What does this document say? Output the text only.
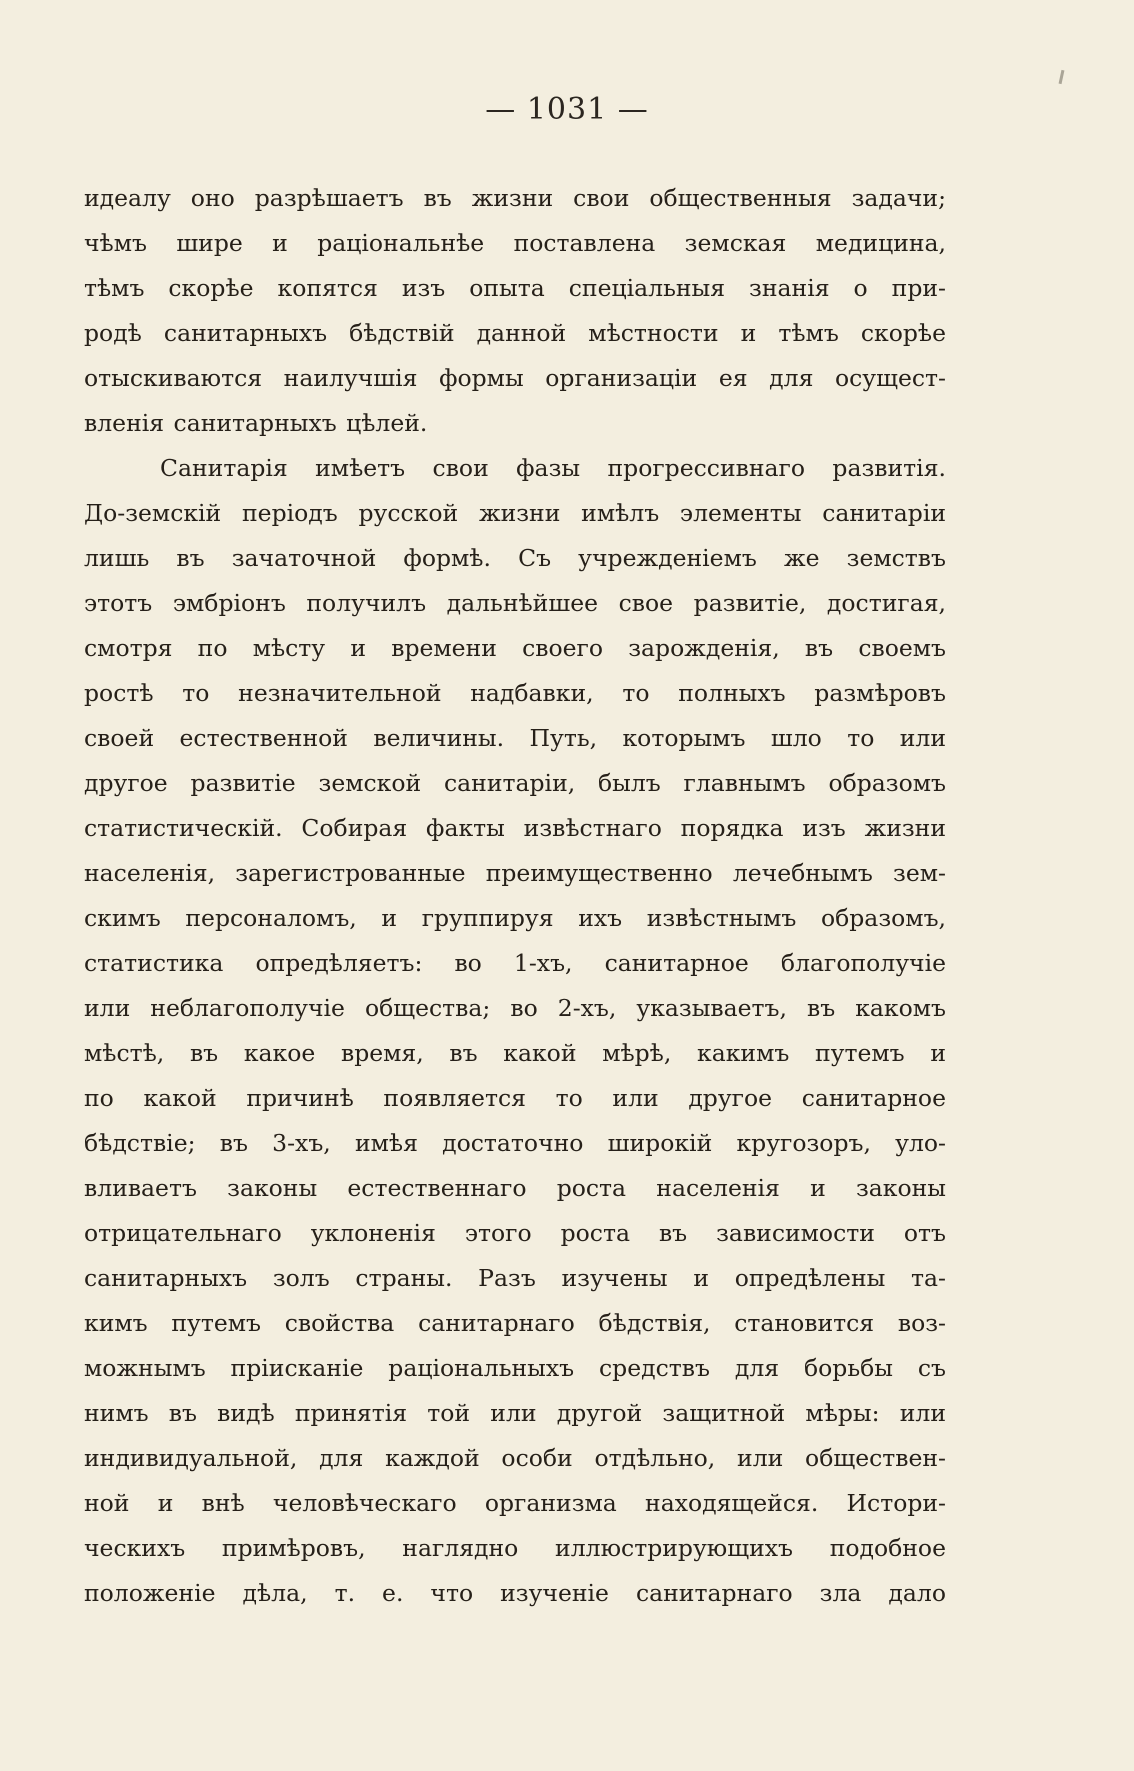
— 1031 —
идеалу оно разрѣшаетъ въ жизни свои общественныя задачи;
чѣмъ шире и раціональнѣе поставлена земская медицина,
тѣмъ скорѣе копятся изъ опыта спеціальныя знанія о при-
родѣ санитарныхъ бѣдствій данной мѣстности и тѣмъ скорѣе
отыскиваются наилучшія формы организаціи ея для осущест-
вленія санитарныхъ цѣлей.
Санитарія имѣетъ свои фазы прогрессивнаго развитія.
До-земскій періодъ русской жизни имѣлъ элементы санитаріи
лишь въ зачаточной формѣ. Съ учрежденіемъ же земствъ
этотъ эмбріонъ получилъ дальнѣйшее свое развитіе, достигая,
смотря по мѣсту и времени своего зарожденія, въ своемъ
ростѣ то незначительной надбавки, то полныхъ размѣровъ
своей естественной величины. Путь, которымъ шло то или
другое развитіе земской санитаріи, былъ главнымъ образомъ
статистическій. Собирая факты извѣстнаго порядка изъ жизни
населенія, зарегистрованные преимущественно лечебнымъ зем-
скимъ персоналомъ, и группируя ихъ извѣстнымъ образомъ,
статистика опредѣляетъ: во 1-хъ, санитарное благополучіе
или неблагополучіе общества; во 2-хъ, указываетъ, въ какомъ
мѣстѣ, въ какое время, въ какой мѣрѣ, какимъ путемъ и
по какой причинѣ появляется то или другое санитарное
бѣдствіе; въ 3-хъ, имѣя достаточно широкій кругозоръ, уло-
вливаетъ законы естественнаго роста населенія и законы
отрицательнаго уклоненія этого роста въ зависимости отъ
санитарныхъ золъ страны. Разъ изучены и опредѣлены та-
кимъ путемъ свойства санитарнаго бѣдствія, становится воз-
можнымъ пріисканіе раціональныхъ средствъ для борьбы съ
нимъ въ видѣ принятія той или другой защитной мѣры: или
индивидуальной, для каждой особи отдѣльно, или обществен-
ной и внѣ человѣческаго организма находящейся. Истори-
ческихъ примѣровъ, наглядно иллюстрирующихъ подобное
положеніе дѣла, т. е. что изученіе санитарнаго зла дало
